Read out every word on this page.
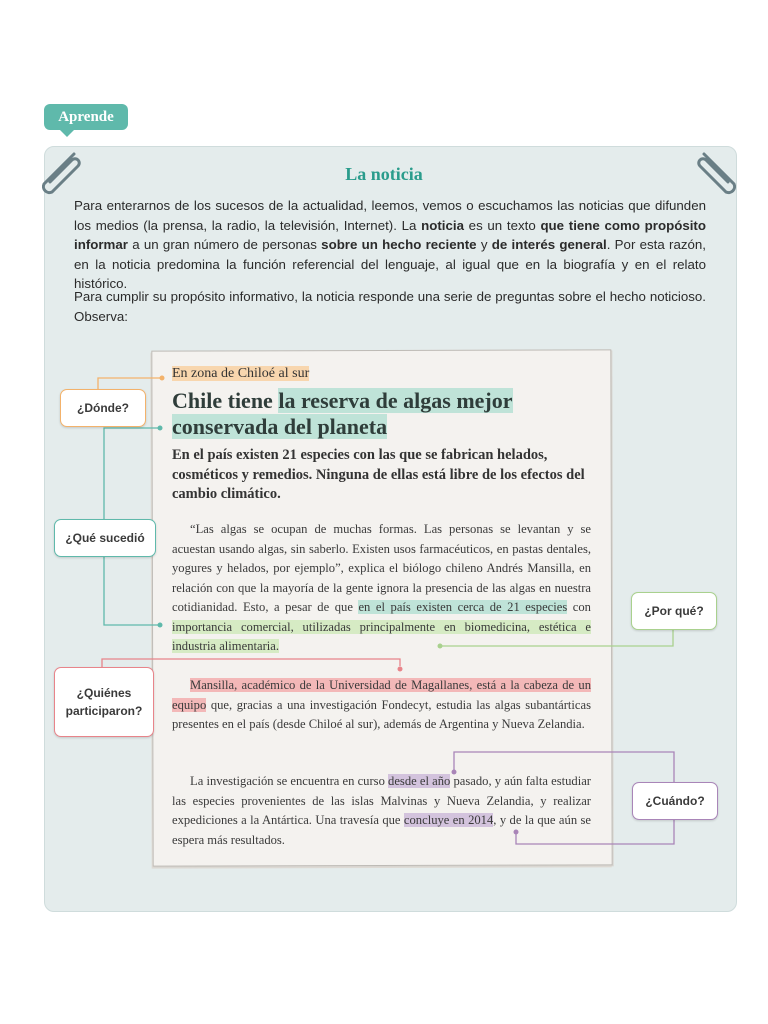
Aprende
La noticia

Para enterarnos de los sucesos de la actualidad, leemos, vemos o escuchamos las noticias que difunden los medios (la prensa, la radio, la televisión, Internet). La noticia es un texto que tiene como propósito informar a un gran número de personas sobre un hecho reciente y de interés general. Por esta razón, en la noticia predomina la función referencial del lenguaje, al igual que en la biografía y en el relato histórico.

Para cumplir su propósito informativo, la noticia responde una serie de preguntas sobre el hecho noticioso. Observa:

En zona de Chiloé al sur
Chile tiene la reserva de algas mejor conservada del planeta
En el país existen 21 especies con las que se fabrican helados, cosméticos y remedios. Ninguna de ellas está libre de los efectos del cambio climático.
“Las algas se ocupan de muchas formas. Las personas se levantan y se acuestan usando algas, sin saberlo. Existen usos farmacéuticos, en pastas dentales, yogures y helados, por ejemplo”, explica el biólogo chileno Andrés Mansilla, en relación con que la mayoría de la gente ignora la presencia de las algas en nuestra cotidianidad. Esto, a pesar de que en el país existen cerca de 21 especies con importancia comercial, utilizadas principalmente en biomedicina, estética e industria alimentaria.
Mansilla, académico de la Universidad de Magallanes, está a la cabeza de un equipo que, gracias a una investigación Fondecyt, estudia las algas subantárticas presentes en el país (desde Chiloé al sur), además de Argentina y Nueva Zelandia.
La investigación se encuentra en curso desde el año pasado, y aún falta estudiar las especies provenientes de las islas Malvinas y Nueva Zelandia, y realizar expediciones a la Antártica. Una travesía que concluye en 2014, y de la que aún se espera más resultados.
¿Dónde?
¿Qué sucedió
¿Quiénes participaron?
¿Por qué?
¿Cuándo?
